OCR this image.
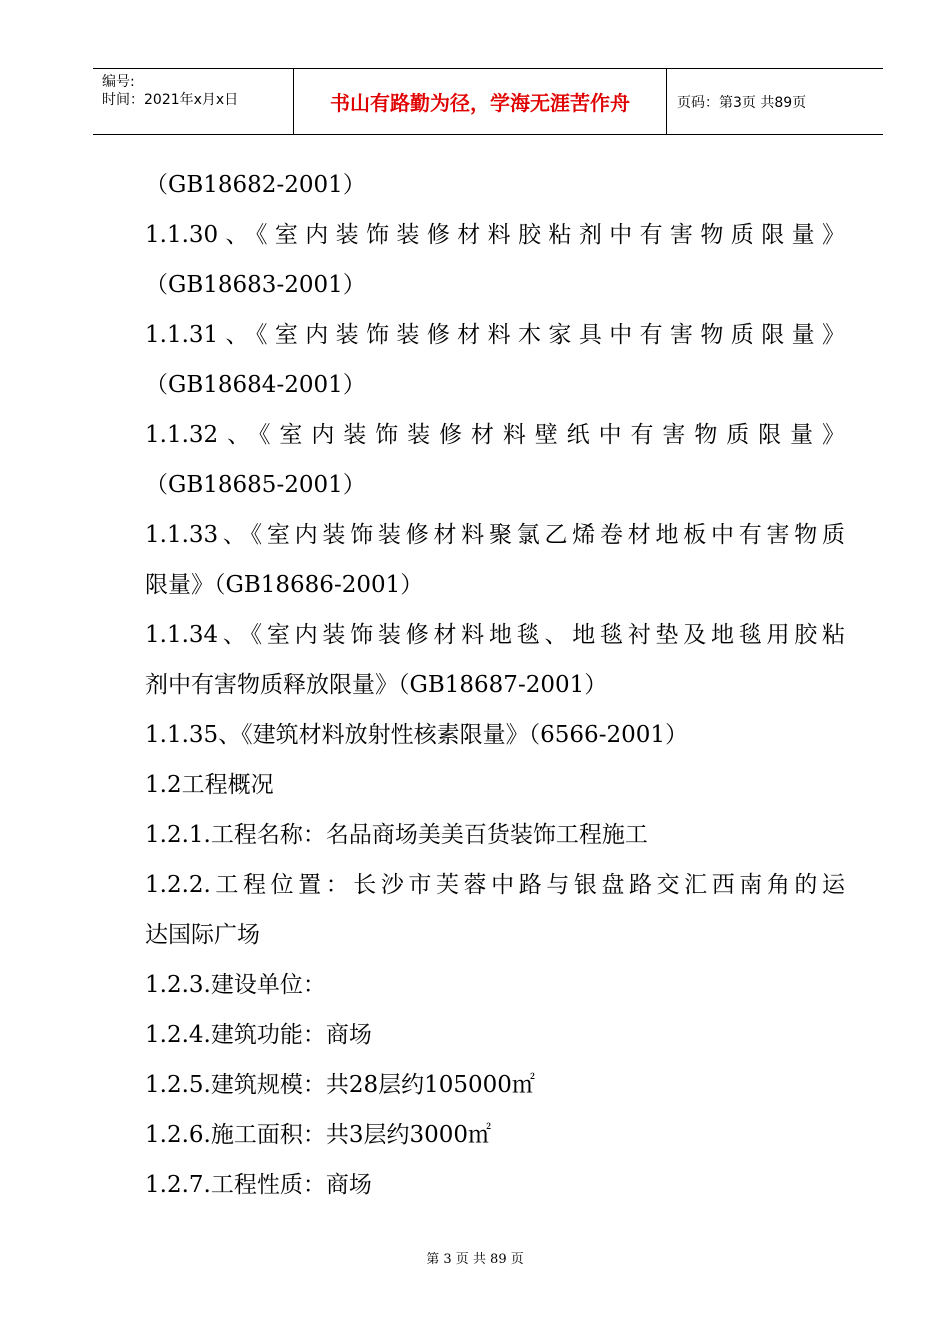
编号:
时间：2021年x月x日	书山有路勤为径，学海无涯苦作舟	页码：第3页 共89页
（GB18682-2001）
1.1.30、《室内装饰装修材料胶粘剂中有害物质限量》
（GB18683-2001）
1.1.31、《室内装饰装修材料木家具中有害物质限量》
（GB18684-2001）
1.1.32、《室内装饰装修材料壁纸中有害物质限量》
（GB18685-2001）
1.1.33、《室内装饰装修材料聚氯乙烯卷材地板中有害物质
限量》（GB18686-2001）
1.1.34、《室内装饰装修材料地毯、地毯衬垫及地毯用胶粘
剂中有害物质释放限量》（GB18687-2001）
1.1.35、《建筑材料放射性核素限量》（6566-2001）
1.2工程概况
1.2.1.工程名称：名品商场美美百货装饰工程施工
1.2.2.工程位置：长沙市芙蓉中路与银盘路交汇西南角的运
达国际广场
1.2.3.建设单位：
1.2.4.建筑功能：商场
1.2.5.建筑规模：共28层约105000㎡
1.2.6.施工面积：共3层约3000㎡
1.2.7.工程性质：商场
第 3 页 共 89 页
